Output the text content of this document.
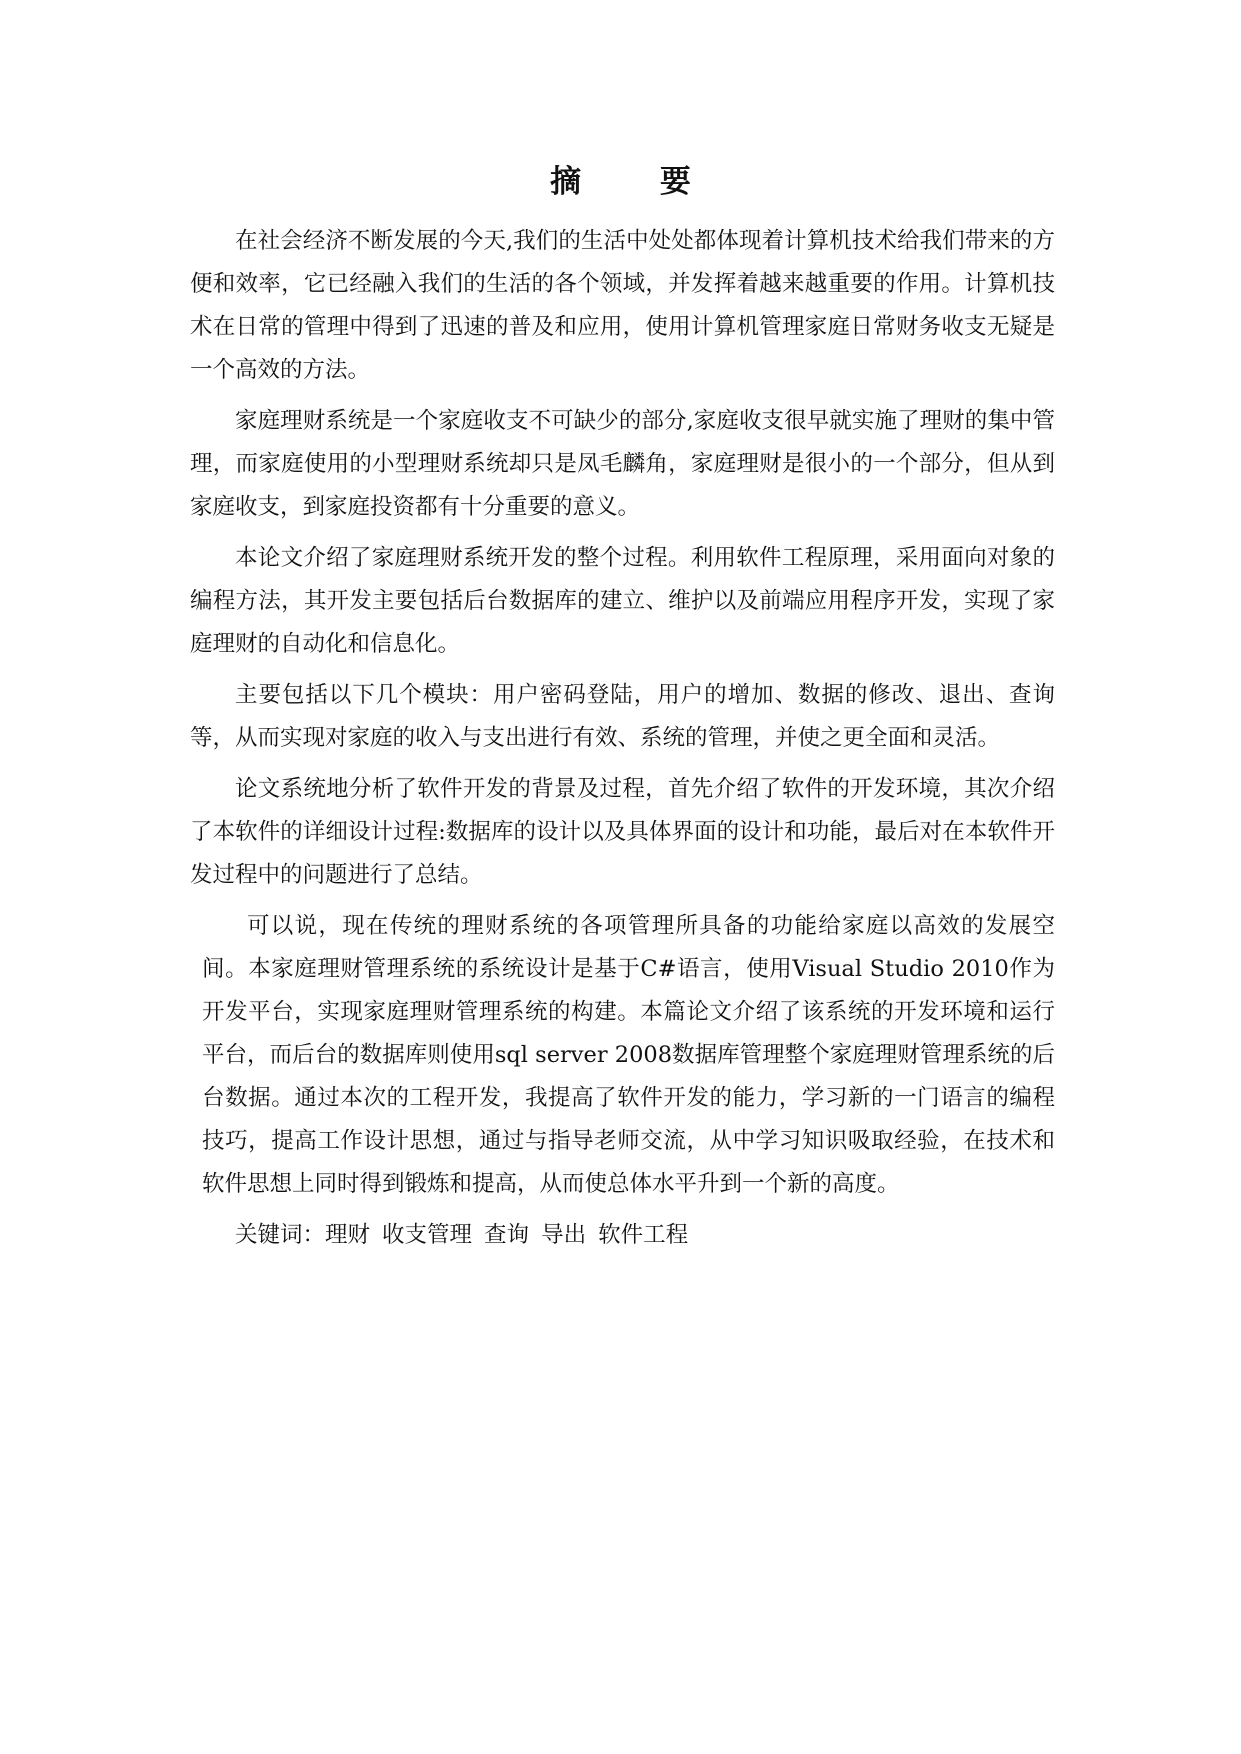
摘 要

在社会经济不断发展的今天,我们的生活中处处都体现着计算机技术给我们带来的方便和效率，它已经融入我们的生活的各个领域，并发挥着越来越重要的作用。计算机技术在日常的管理中得到了迅速的普及和应用，使用计算机管理家庭日常财务收支无疑是一个高效的方法。

家庭理财系统是一个家庭收支不可缺少的部分,家庭收支很早就实施了理财的集中管理，而家庭使用的小型理财系统却只是凤毛麟角，家庭理财是很小的一个部分，但从到家庭收支，到家庭投资都有十分重要的意义。

本论文介绍了家庭理财系统开发的整个过程。利用软件工程原理，采用面向对象的编程方法，其开发主要包括后台数据库的建立、维护以及前端应用程序开发，实现了家庭理财的自动化和信息化。

主要包括以下几个模块：用户密码登陆，用户的增加、数据的修改、退出、查询等，从而实现对家庭的收入与支出进行有效、系统的管理，并使之更全面和灵活。

论文系统地分析了软件开发的背景及过程，首先介绍了软件的开发环境，其次介绍了本软件的详细设计过程:数据库的设计以及具体界面的设计和功能，最后对在本软件开发过程中的问题进行了总结。

可以说，现在传统的理财系统的各项管理所具备的功能给家庭以高效的发展空间。本家庭理财管理系统的系统设计是基于C#语言，使用Visual Studio 2010作为开发平台，实现家庭理财管理系统的构建。本篇论文介绍了该系统的开发环境和运行平台，而后台的数据库则使用sql server 2008数据库管理整个家庭理财管理系统的后台数据。通过本次的工程开发，我提高了软件开发的能力，学习新的一门语言的编程技巧，提高工作设计思想，通过与指导老师交流，从中学习知识吸取经验，在技术和软件思想上同时得到锻炼和提高，从而使总体水平升到一个新的高度。

关键词：理财 收支管理 查询 导出 软件工程
